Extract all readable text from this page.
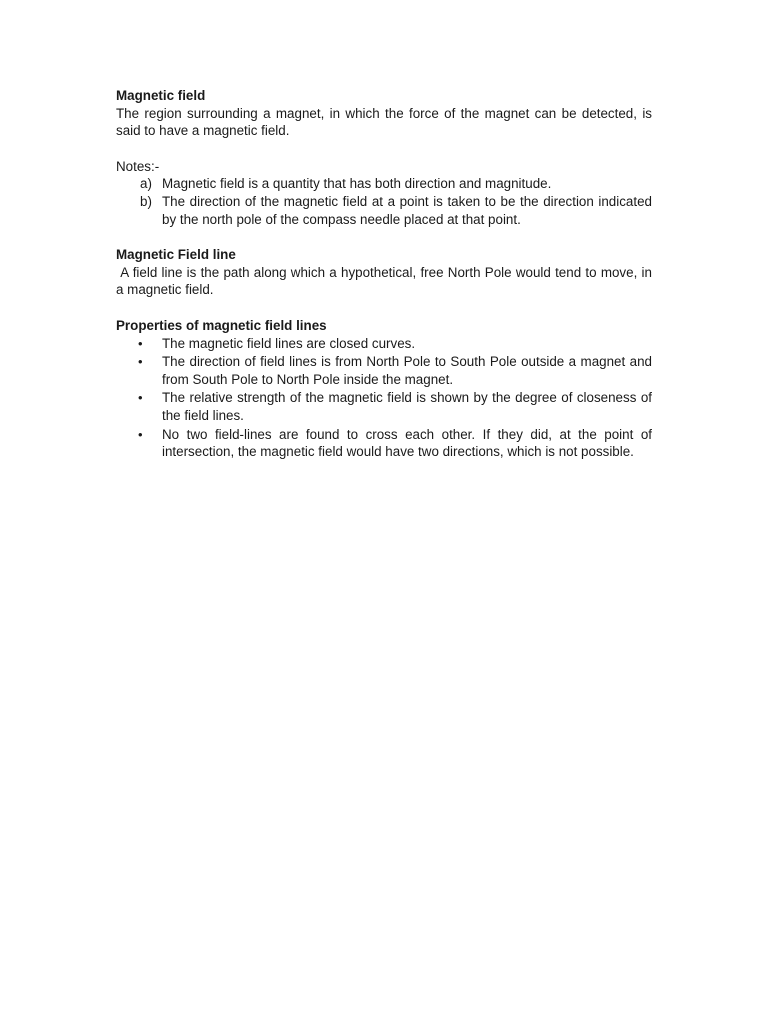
Magnetic field

The region surrounding a magnet, in which the force of the magnet can be detected, is said to have a magnetic field.

Notes:-

a) Magnetic field is a quantity that has both direction and magnitude.
b) The direction of the magnetic field at a point is taken to be the direction indicated by the north pole of the compass needle placed at that point.

Magnetic Field line

A field line is the path along which a hypothetical, free North Pole would tend to move, in a magnetic field.

Properties of magnetic field lines

• The magnetic field lines are closed curves.
• The direction of field lines is from North Pole to South Pole outside a magnet and from South Pole to North Pole inside the magnet.
• The relative strength of the magnetic field is shown by the degree of closeness of the field lines.
• No two field-lines are found to cross each other. If they did, at the point of intersection, the magnetic field would have two directions, which is not possible.
